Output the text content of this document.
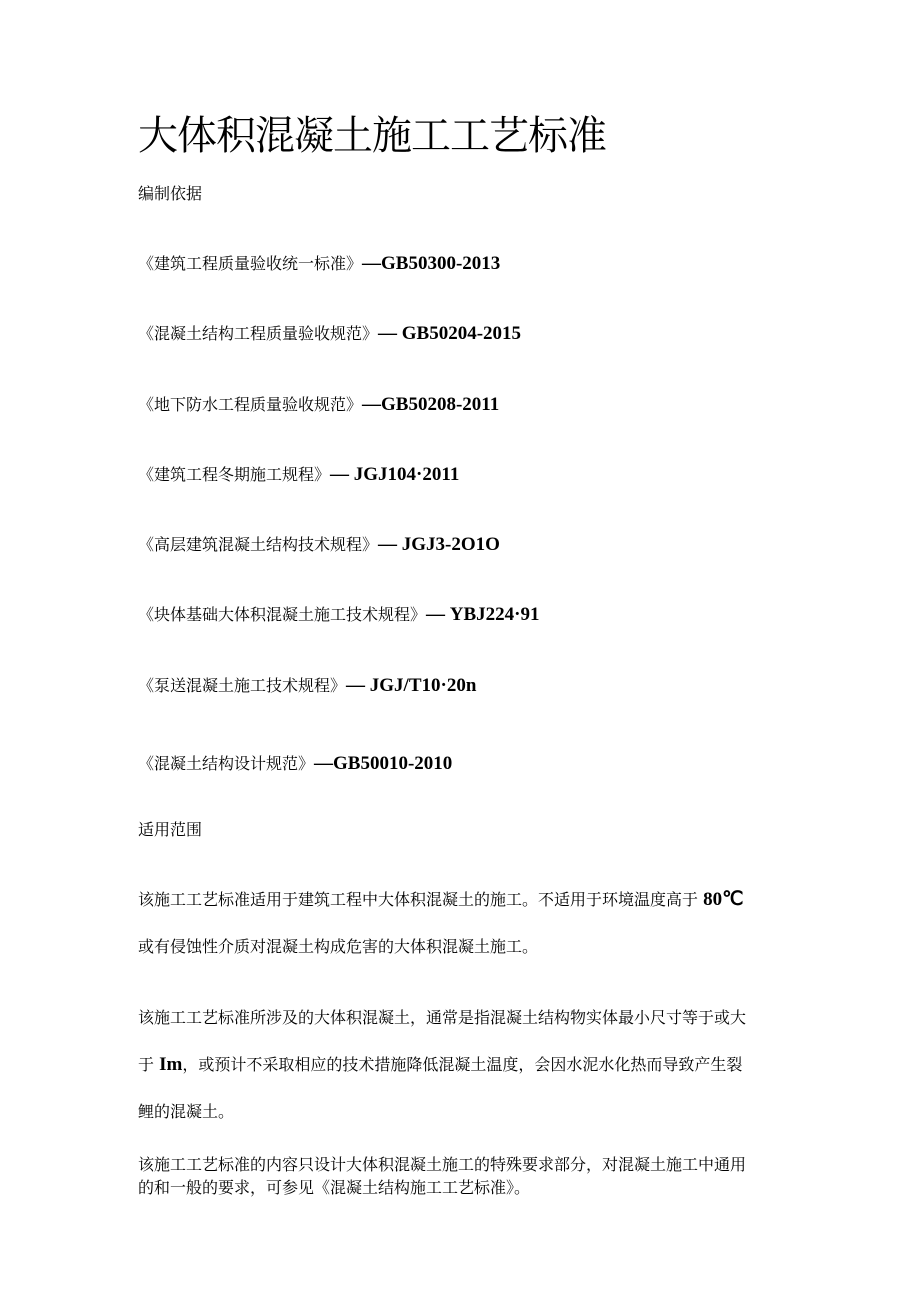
大体积混凝土施工工艺标准
编制依据
《建筑工程质量验收统一标准》—GB50300-2013
《混凝土结构工程质量验收规范》— GB50204-2015
《地下防水工程质量验收规范》—GB50208-2011
《建筑工程冬期施工规程》— JGJ104·2011
《高层建筑混凝土结构技术规程》— JGJ3-2O1O
《块体基础大体积混凝土施工技术规程》— YBJ224·91
《泵送混凝土施工技术规程》— JGJ/T10·20n
《混凝土结构设计规范》—GB50010-2010
适用范围
该施工工艺标准适用于建筑工程中大体积混凝土的施工。不适用于环境温度高于 80℃
或有侵蚀性介质对混凝土构成危害的大体积混凝土施工。
该施工工艺标准所涉及的大体积混凝土，通常是指混凝土结构物实体最小尺寸等于或大
于 Im，或预计不采取相应的技术措施降低混凝土温度，会因水泥水化热而导致产生裂
鲤的混凝土。
该施工工艺标准的内容只设计大体积混凝土施工的特殊要求部分，对混凝土施工中通用
的和一般的要求，可参见《混凝土结构施工工艺标准》。
